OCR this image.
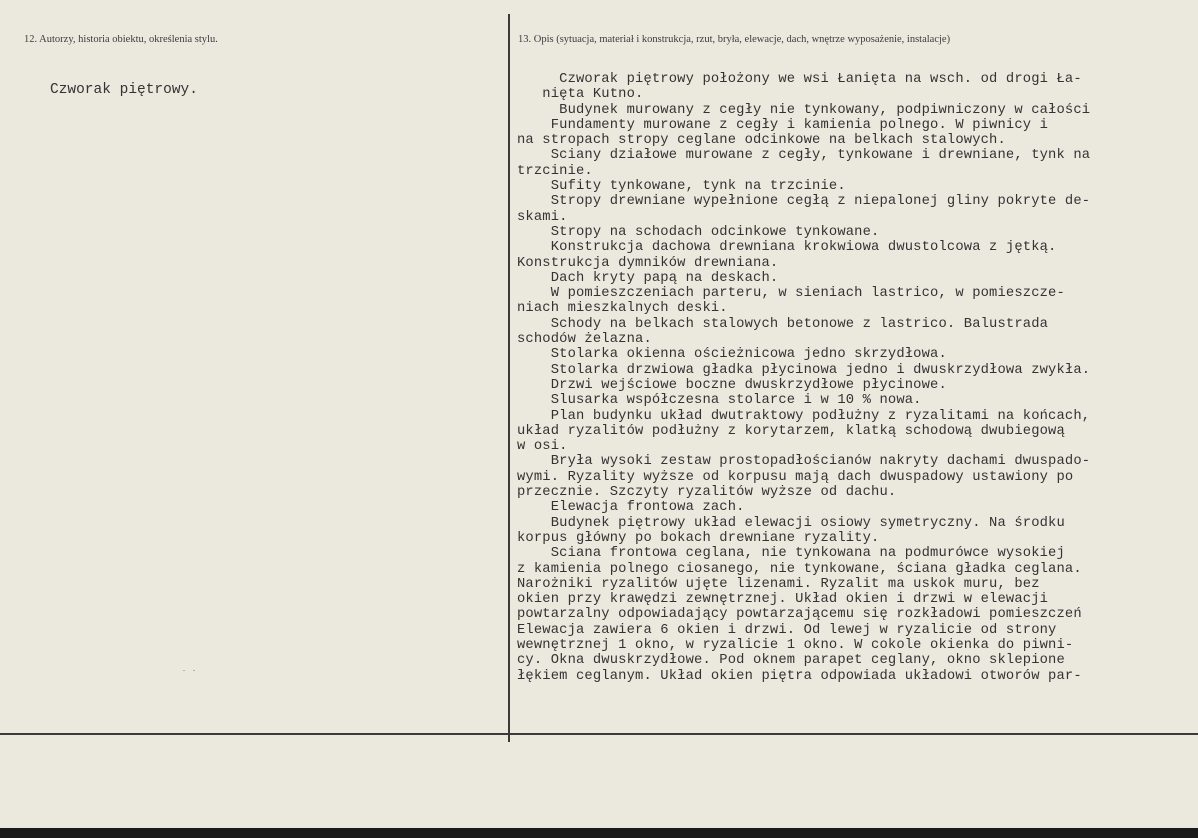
12. Autorzy, historia obiektu, określenia stylu.	13. Opis (sytuacja, materiał i konstrukcja, rzut, bryła, elewacje, dach, wnętrze wyposażenie, instalacje)
Czworak piętrowy.
. .
Czworak piętrowy położony we wsi Łanięta na wsch. od drogi Ła-
nięta Kutno.
Budynek murowany z cegły nie tynkowany, podpiwniczony w całości
Fundamenty murowane z cegły i kamienia polnego. W piwnicy i
na stropach stropy ceglane odcinkowe na belkach stalowych.
Ściany działowe murowane z cegły, tynkowane i drewniane, tynk na
trzcinie.
Sufity tynkowane, tynk na trzcinie.
Stropy drewniane wypełnione cegłą z niepalonej gliny pokryte de-
skami.
Stropy na schodach odcinkowe tynkowane.
Konstrukcja dachowa drewniana krokwiowa dwustolcowa z jętką.
Konstrukcja dymników drewniana.
Dach kryty papą na deskach.
W pomieszczeniach parteru, w sieniach lastrico, w pomieszcze-
niach mieszkalnych deski.
Schody na belkach stalowych betonowe z lastrico. Balustrada
schodów żelazna.
Stolarka okienna ościeżnicowa jedno skrzydłowa.
Stolarka drzwiowa gładka płycinowa jedno i dwuskrzydłowa zwykła.
Drzwi wejściowe boczne dwuskrzydłowe płycinowe.
Ślusarka współczesna stolarce i w 10 % nowa.
Plan budynku układ dwutraktowy podłużny z ryzalitami na końcach,
układ ryzalitów podłużny z korytarzem, klatką schodową dwubiegową
w osi.
Bryła wysoki zestaw prostopadłościanów nakryty dachami dwuspado-
wymi. Ryzality wyższe od korpusu mają dach dwuspadowy ustawiony po
przecznie. Szczyty ryzalitów wyższe od dachu.
Elewacja frontowa zach.
Budynek piętrowy układ elewacji osiowy symetryczny. Na środku
korpus główny po bokach drewniane ryzality.
Ściana frontowa ceglana, nie tynkowana na podmurówce wysokiej
z kamienia polnego ciosanego, nie tynkowane, ściana gładka ceglana.
Narożniki ryzalitów ujęte lizenami. Ryzalit ma uskok muru, bez
okien przy krawędzi zewnętrznej. Układ okien i drzwi w elewacji
powtarzalny odpowiadający powtarzającemu się rozkładowi pomieszczeń
Elewacja zawiera 6 okien i drzwi. Od lewej w ryzalicie od strony
wewnętrznej 1 okno, w ryzalicie 1 okno. W cokole okienka do piwni-
cy. Okna dwuskrzydłowe. Pod oknem parapet ceglany, okno sklepione
łękiem ceglanym. Układ okien piętra odpowiada układowi otworów par-
